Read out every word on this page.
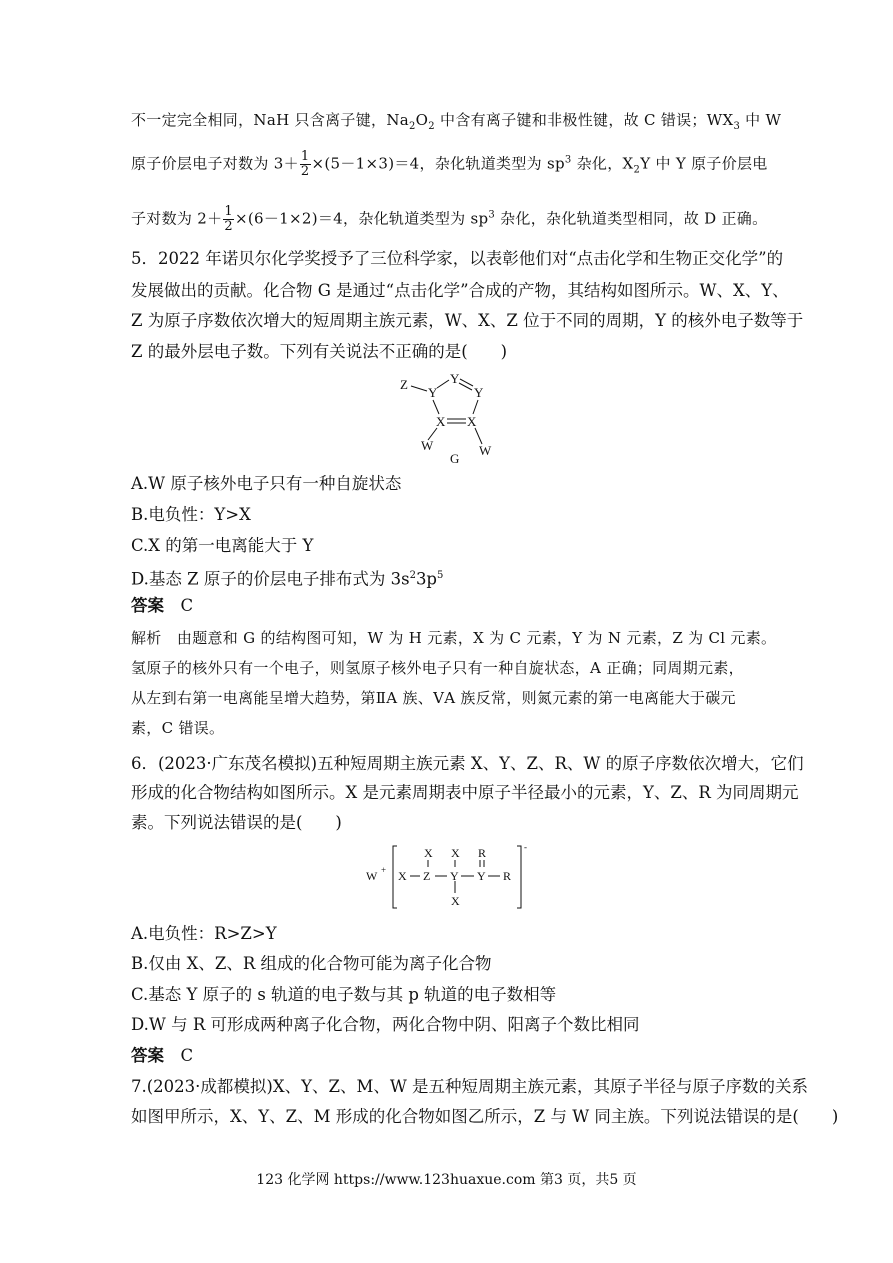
不一定完全相同，NaH 只含离子键，$Na_2O_2$ 中含有离子键和非极性键，故 C 错误；$WX_3$ 中 W
原子价层电子对数为 $3+ \frac{1}{2} \times(5-1\times 3)=4$，杂化轨道类型为 $sp^3$ 杂化，$X_2Y$ 中 Y 原子价层电
子对数为 $2+ \frac{1}{2} \times(6-1\times 2)=4$，杂化轨道类型为 $sp^3$ 杂化，杂化轨道类型相同，故 D 正确。
5．2022 年诺贝尔化学奖授予了三位科学家，以表彰他们对“点击化学和生物正交化学”的
发展做出的贡献。化合物 G 是通过“点击化学”合成的产物，其结构如图所示。W、X、Y、
Z 为原子序数依次增大的短周期主族元素，W、X、Z 位于不同的周期，Y 的核外电子数等于
Z 的最外层电子数。下列有关说法不正确的是(　　)
Z
Y
Y
Y
X X
W	W
G
A.W 原子核外电子只有一种自旋状态
B.电负性：Y>X
C.X 的第一电离能大于 Y
D.基态 Z 原子的价层电子排布式为 $3s^23p^5$
答案　 C
解析　由题意和 G 的结构图可知，W 为 H 元素，X 为 C 元素，Y 为 N 元素，Z 为 Cl 元素。
氢原子的核外只有一个电子，则氢原子核外电子只有一种自旋状态，A 正确；同周期元素，
从左到右第一电离能呈增大趋势，第ⅡA 族、ⅤA 族反常，则氮元素的第一电离能大于碳元
素，C 错误。
6．(2023·广东茂名模拟)五种短周期主族元素 X、Y、Z、R、W 的原子序数依次增大，它们
形成的化合物结构如图所示。X 是元素周期表中原子半径最小的元素，Y、Z、R 为同周期元
素。下列说法错误的是(　　)
W + X Z Y Y R
X X R
X
-
A.电负性：R>Z>Y
B.仅由 X、Z、R 组成的化合物可能为离子化合物
C.基态 Y 原子的 s 轨道的电子数与其 p 轨道的电子数相等
D.W 与 R 可形成两种离子化合物，两化合物中阴、阳离子个数比相同
答案　 C
7.(2023·成都模拟)X、Y、Z、M、W 是五种短周期主族元素，其原子半径与原子序数的关系
如图甲所示，X、Y、Z、M 形成的化合物如图乙所示，Z 与 W 同主族。下列说法错误的是(　　)
123 化学网 https://www.123huaxue.com 第3 页，共5 页
